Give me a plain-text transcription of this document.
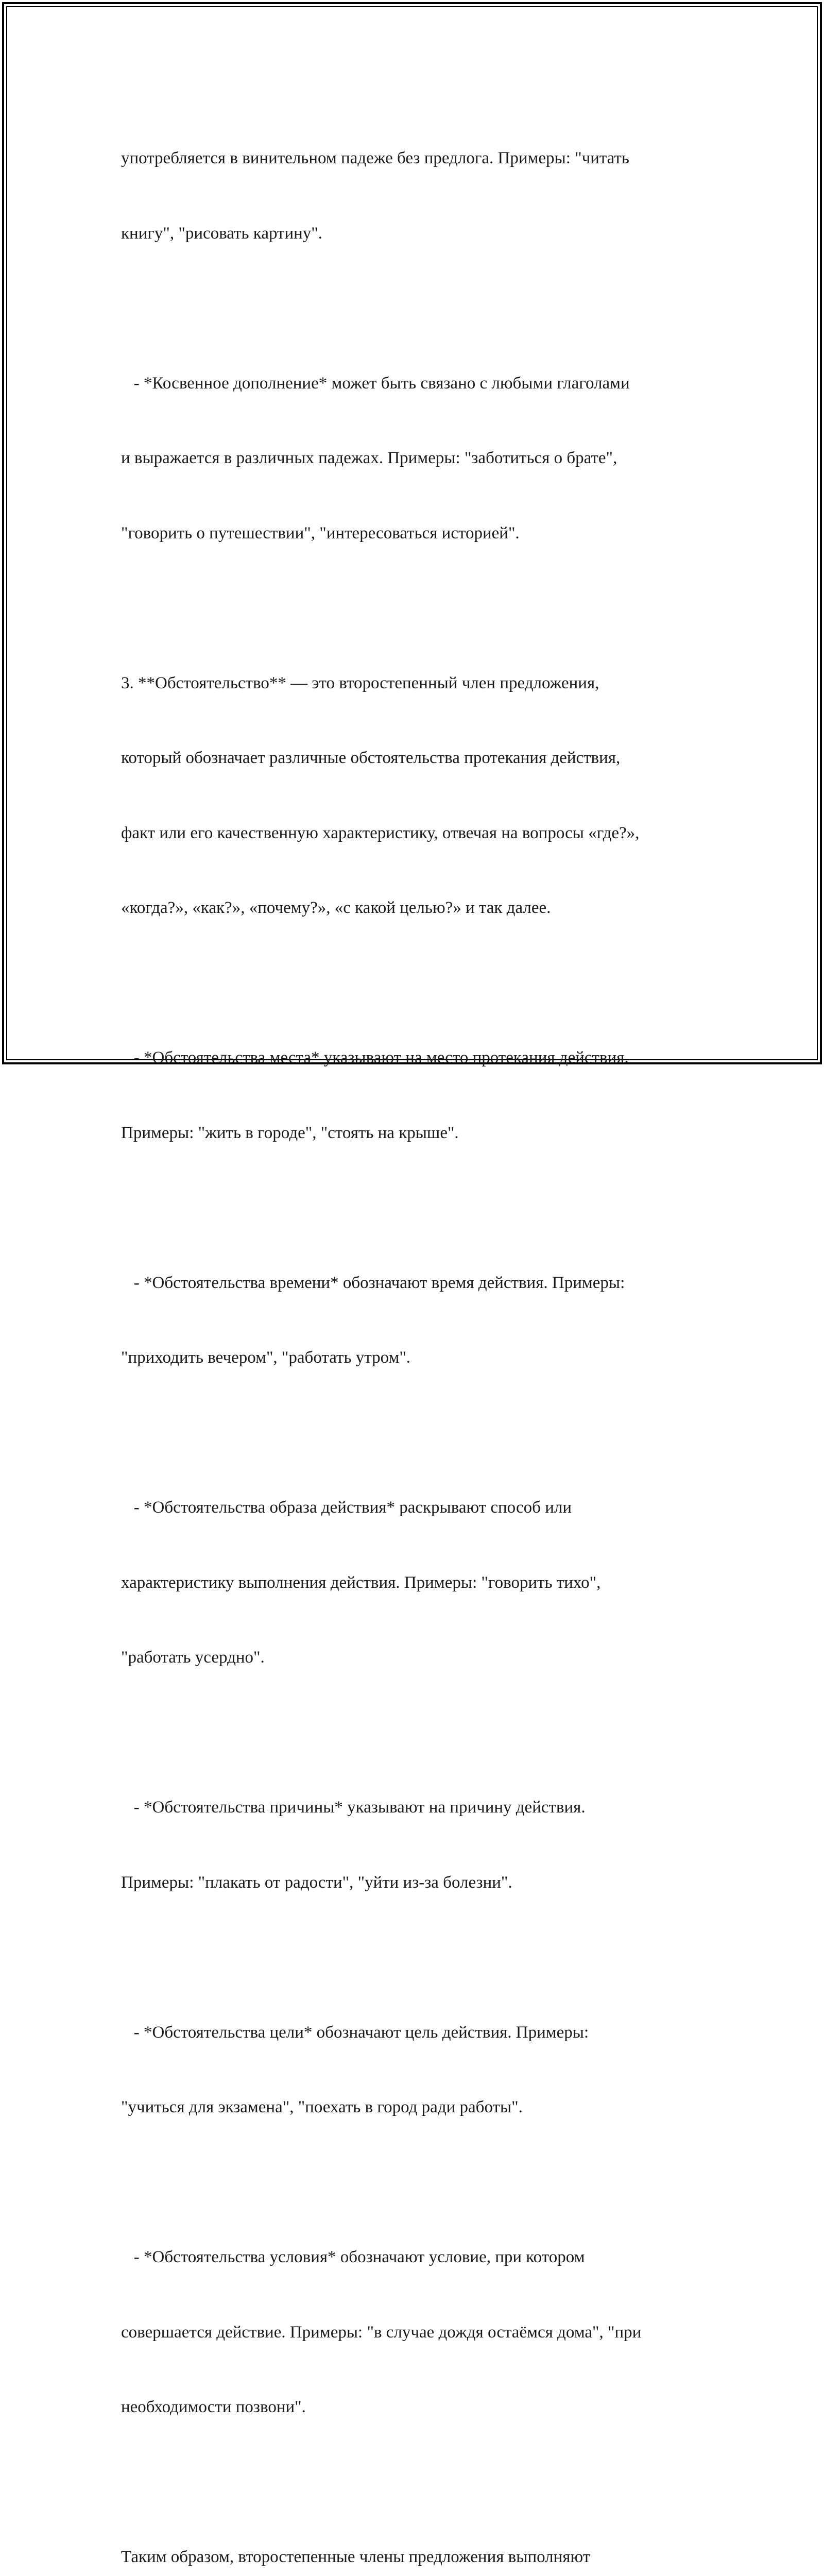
употребляется в винительном падеже без предлога. Примеры: "читать

книгу", "рисовать картину".

- *Косвенное дополнение* может быть связано с любыми глаголами

и выражается в различных падежах. Примеры: "заботиться о брате",

"говорить о путешествии", "интересоваться историей".

3. **Обстоятельство** — это второстепенный член предложения,

который обозначает различные обстоятельства протекания действия,

факт или его качественную характеристику, отвечая на вопросы «где?»,

«когда?», «как?», «почему?», «с какой целью?» и так далее.

- *Обстоятельства места* указывают на место протекания действия.

Примеры: "жить в городе", "стоять на крыше".

- *Обстоятельства времени* обозначают время действия. Примеры:

"приходить вечером", "работать утром".

- *Обстоятельства образа действия* раскрывают способ или

характеристику выполнения действия. Примеры: "говорить тихо",

"работать усердно".

- *Обстоятельства причины* указывают на причину действия.

Примеры: "плакать от радости", "уйти из-за болезни".

- *Обстоятельства цели* обозначают цель действия. Примеры:

"учиться для экзамена", "поехать в город ради работы".

- *Обстоятельства условия* обозначают условие, при котором

совершается действие. Примеры: "в случае дождя остаёмся дома", "при

необходимости позвони".

Таким образом, второстепенные члены предложения выполняют
